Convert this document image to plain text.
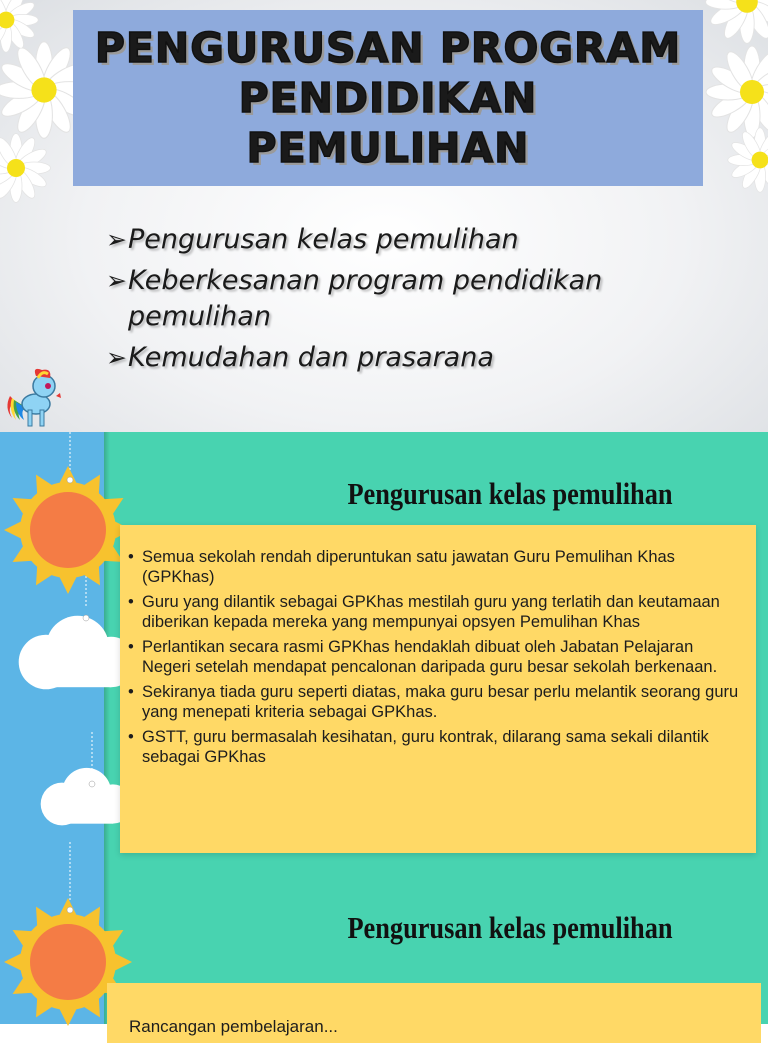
PENGURUSAN PROGRAM
PENDIDIKAN
PEMULIHAN
➢ Pengurusan kelas pemulihan
➢ Keberkesanan program pendidikan pemulihan
➢ Kemudahan dan prasarana
Pengurusan kelas pemulihan
• Semua sekolah rendah diperuntukan satu jawatan Guru Pemulihan Khas (GPKhas)
• Guru yang dilantik sebagai GPKhas mestilah guru yang terlatih dan keutamaan diberikan kepada mereka yang mempunyai opsyen Pemulihan Khas
• Perlantikan secara rasmi GPKhas hendaklah dibuat oleh Jabatan Pelajaran Negeri setelah mendapat pencalonan daripada guru besar sekolah berkenaan.
• Sekiranya tiada guru seperti diatas, maka guru besar perlu melantik seorang guru yang menepati kriteria sebagai GPKhas.
• GSTT, guru bermasalah kesihatan, guru kontrak, dilarang sama sekali dilantik sebagai GPKhas
Pengurusan kelas pemulihan
Rancangan pembelajaran...
